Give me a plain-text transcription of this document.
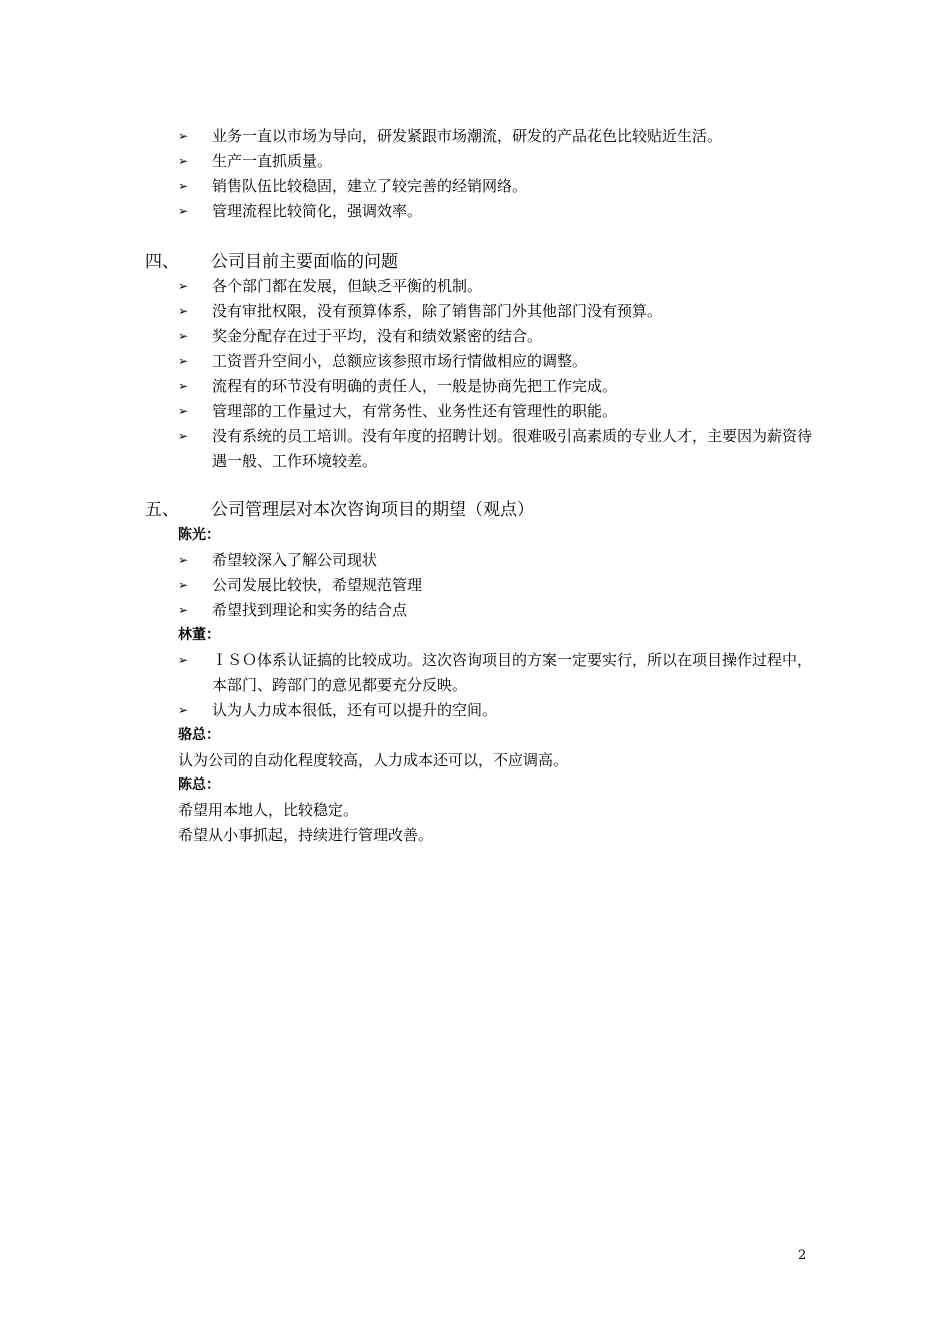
➢ 业务一直以市场为导向，研发紧跟市场潮流，研发的产品花色比较贴近生活。
➢ 生产一直抓质量。
➢ 销售队伍比较稳固，建立了较完善的经销网络。
➢ 管理流程比较简化，强调效率。
四、 公司目前主要面临的问题
➢ 各个部门都在发展，但缺乏平衡的机制。
➢ 没有审批权限，没有预算体系，除了销售部门外其他部门没有预算。
➢ 奖金分配存在过于平均，没有和绩效紧密的结合。
➢ 工资晋升空间小，总额应该参照市场行情做相应的调整。
➢ 流程有的环节没有明确的责任人，一般是协商先把工作完成。
➢ 管理部的工作量过大，有常务性、业务性还有管理性的职能。
➢ 没有系统的员工培训。没有年度的招聘计划。很难吸引高素质的专业人才，主要因为薪资待遇一般、工作环境较差。
五、 公司管理层对本次咨询项目的期望（观点）
陈光：
➢ 希望较深入了解公司现状
➢ 公司发展比较快，希望规范管理
➢ 希望找到理论和实务的结合点
林董：
➢ ＩＳＯ体系认证搞的比较成功。这次咨询项目的方案一定要实行，所以在项目操作过程中，本部门、跨部门的意见都要充分反映。
➢ 认为人力成本很低，还有可以提升的空间。
骆总：
认为公司的自动化程度较高，人力成本还可以，不应调高。
陈总：
希望用本地人，比较稳定。
希望从小事抓起，持续进行管理改善。
2
